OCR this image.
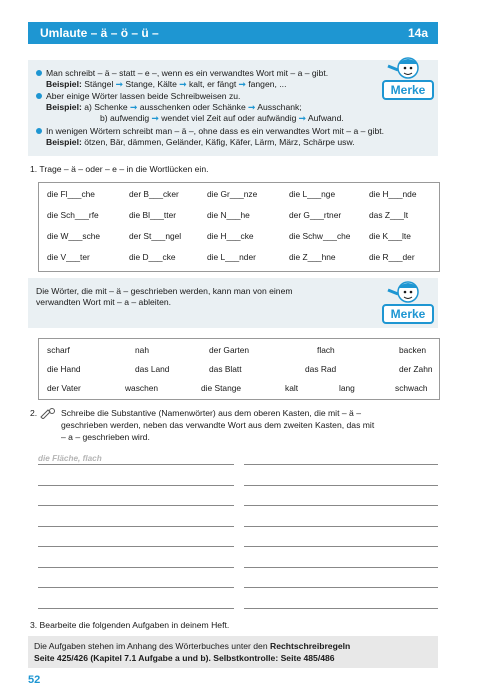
Umlaute – ä – ö – ü –	14a
Man schreibt – ä – statt – e –, wenn es ein verwandtes Wort mit – a – gibt.
Beispiel: Stängel ➞ Stange, Kälte ➞ kalt, er fängt ➞ fangen, ...
Aber einige Wörter lassen beide Schreibweisen zu.
Beispiel: a) Schenke ➞ ausschenken oder Schänke ➞ Ausschank;
b) aufwendig ➞ wendet viel Zeit auf oder aufwändig ➞ Aufwand.
In wenigen Wörtern schreibt man – ä –, ohne dass es ein verwandtes Wort mit – a – gibt.
Beispiel: ötzen, Bär, dämmen, Geländer, Käfig, Käfer, Lärm, März, Schärpe usw.
Merke
1. Trage – ä – oder – e – in die Wortlücken ein.
die Fl___che	der B___cker	die Gr___nze	die L___nge	die H___nde
die Sch___rfe	die Bl___tter	die N___he	der G___rtner	das Z___lt
die W___sche	der St___ngel	die H___cke	die Schw___che die K___lte
die V___ter	die D___cke	die L___nder	die Z___hne	die R___der
Die Wörter, die mit – ä – geschrieben werden, kann man von einem
verwandten Wort mit – a – ableiten.
Merke
scharf	nah	der Garten	flach	backen
die Hand	das Land	das Blatt	das Rad	der Zahn
der Vater	waschen	die Stange	kalt	lang	schwach
2.	Schreibe die Substantive (Namenwörter) aus dem oberen Kasten, die mit – ä –
geschrieben werden, neben das verwandte Wort aus dem zweiten Kasten, das mit
– a – geschrieben wird.
die Fläche, flach
3. Bearbeite die folgenden Aufgaben in deinem Heft.
Die Aufgaben stehen im Anhang des Wörterbuches unter den Rechtschreibregeln
Seite 425/426 (Kapitel 7.1 Aufgabe a und b). Selbstkontrolle: Seite 485/486
52
